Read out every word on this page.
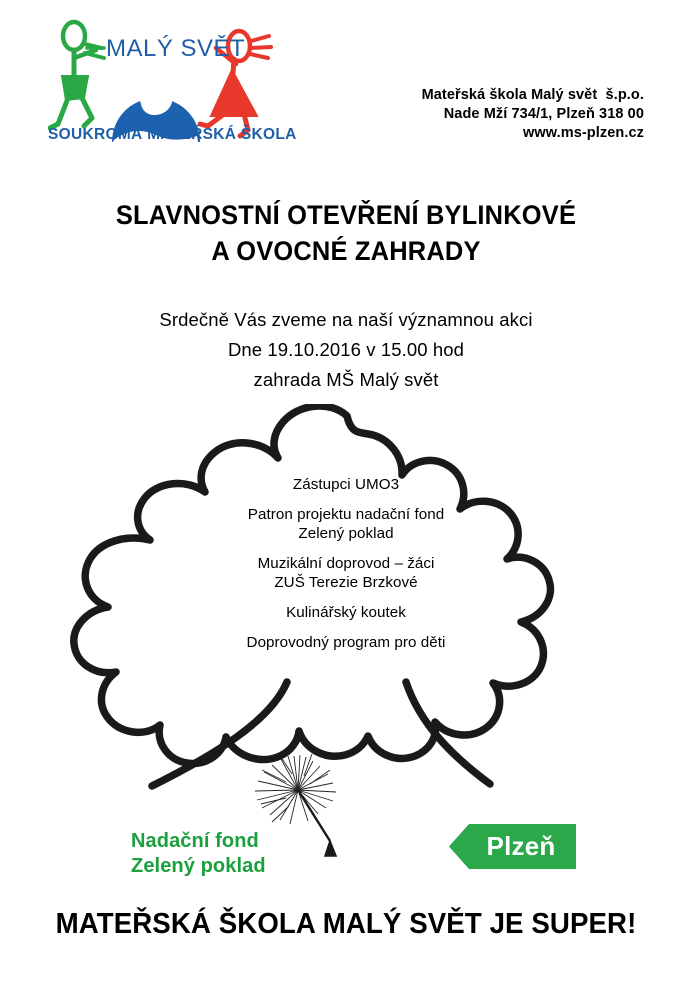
MALÝ SVĚT
SOUKROMÁ MATEŘSKÁ ŠKOLA
Mateřská škola Malý svět  š.p.o.
Nade Mží 734/1, Plzeň 318 00
www.ms-plzen.cz
SLAVNOSTNÍ OTEVŘENÍ BYLINKOVÉ
A OVOCNÉ ZAHRADY
Srdečně Vás zveme na naší významnou akci
Dne 19.10.2016 v 15.00 hod
zahrada MŠ Malý svět
Zástupci UMO3
Patron projektu nadační fond
Zelený poklad
Muzikální doprovod – žáci
ZUŠ Terezie Brzkové
Kulinářský koutek
Doprovodný program pro děti
Nadační fond
Zelený poklad
Plzeň
MATEŘSKÁ ŠKOLA MALÝ SVĚT JE SUPER!
